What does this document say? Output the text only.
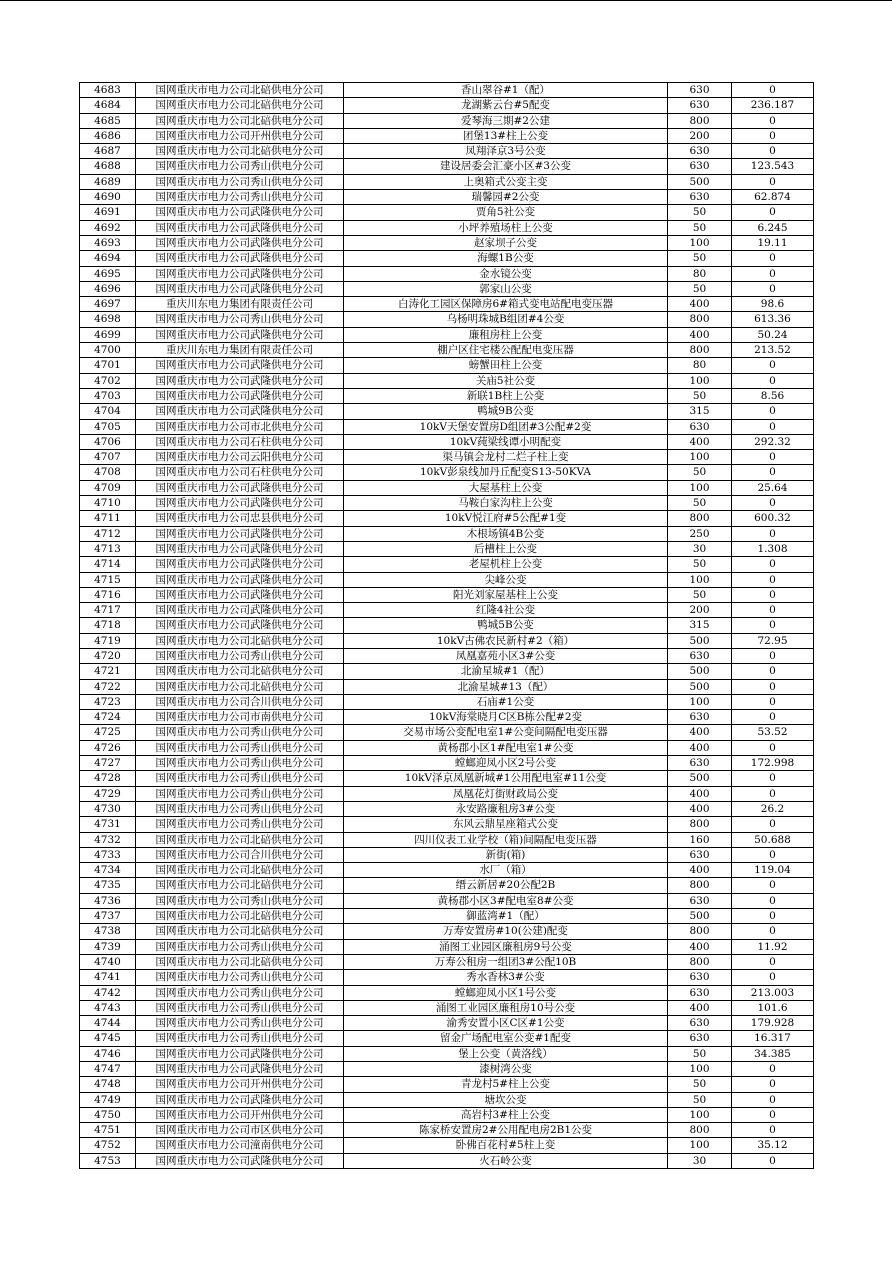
4683	国网重庆市电力公司北碚供电分公司	香山翠谷#1（配）	630	0
4684	国网重庆市电力公司北碚供电分公司	龙湖紫云台#5配变	630	236.187
4685	国网重庆市电力公司北碚供电分公司	爱琴海三期#2公建	800	0
4686	国网重庆市电力公司开州供电分公司	团堡13#柱上公变	200	0
4687	国网重庆市电力公司北碚供电分公司	凤翔泽京3号公变	630	0
4688	国网重庆市电力公司秀山供电分公司	建设居委会汇豪小区#3公变	630	123.543
4689	国网重庆市电力公司秀山供电分公司	上奥箱式公变主变	500	0
4690	国网重庆市电力公司秀山供电分公司	瑞馨园#2公变	630	62.874
4691	国网重庆市电力公司武隆供电分公司	贾角5社公变	50	0
4692	国网重庆市电力公司武隆供电分公司	小坪养殖场柱上公变	50	6.245
4693	国网重庆市电力公司武隆供电分公司	赵家坝子公变	100	19.11
4694	国网重庆市电力公司武隆供电分公司	海螺1B公变	50	0
4695	国网重庆市电力公司武隆供电分公司	金水镜公变	80	0
4696	国网重庆市电力公司武隆供电分公司	郭家山公变	50	0
4697	重庆川东电力集团有限责任公司	白涛化工园区保障房6#箱式变电站配电变压器	400	98.6
4698	国网重庆市电力公司秀山供电分公司	乌杨明珠城B组团#4公变	800	613.36
4699	国网重庆市电力公司武隆供电分公司	廉租房柱上公变	400	50.24
4700	重庆川东电力集团有限责任公司	棚户区住宅楼公配配电变压器	800	213.52
4701	国网重庆市电力公司武隆供电分公司	螃蟹田柱上公变	80	0
4702	国网重庆市电力公司武隆供电分公司	关庙5社公变	100	0
4703	国网重庆市电力公司武隆供电分公司	新联1B柱上公变	50	8.56
4704	国网重庆市电力公司武隆供电分公司	鸭城9B公变	315	0
4705	国网重庆市电力公司市北供电分公司	10kV天堡安置房D组团#3公配#2变	630	0
4706	国网重庆市电力公司石柱供电分公司	10kV莼梁线谭小明配变	400	292.32
4707	国网重庆市电力公司云阳供电分公司	渠马镇会龙村二烂子柱上变	100	0
4708	国网重庆市电力公司石柱供电分公司	10kV彭泉线加丹丘配变S13-50KVA	50	0
4709	国网重庆市电力公司武隆供电分公司	大屋基柱上公变	100	25.64
4710	国网重庆市电力公司武隆供电分公司	马鞍白家沟柱上公变	50	0
4711	国网重庆市电力公司忠县供电分公司	10kV悦江府#5公配#1变	800	600.32
4712	国网重庆市电力公司武隆供电分公司	木根场镇4B公变	250	0
4713	国网重庆市电力公司武隆供电分公司	后槽柱上公变	30	1.308
4714	国网重庆市电力公司武隆供电分公司	老屋机柱上公变	50	0
4715	国网重庆市电力公司武隆供电分公司	尖峰公变	100	0
4716	国网重庆市电力公司武隆供电分公司	阳光刘家屋基柱上公变	50	0
4717	国网重庆市电力公司武隆供电分公司	红隆4社公变	200	0
4718	国网重庆市电力公司武隆供电分公司	鸭城5B公变	315	0
4719	国网重庆市电力公司北碚供电分公司	10kV古佛农民新村#2（箱）	500	72.95
4720	国网重庆市电力公司秀山供电分公司	凤凰嘉苑小区3#公变	630	0
4721	国网重庆市电力公司北碚供电分公司	北渝星城#1（配）	500	0
4722	国网重庆市电力公司北碚供电分公司	北渝星城#13（配）	500	0
4723	国网重庆市电力公司合川供电分公司	石庙#1公变	100	0
4724	国网重庆市电力公司市南供电分公司	10kV海棠晓月C区B栋公配#2变	630	0
4725	国网重庆市电力公司秀山供电分公司	交易市场公变配电室1#公变间隔配电变压器	400	53.52
4726	国网重庆市电力公司秀山供电分公司	黄杨郡小区1#配电室1#公变	400	0
4727	国网重庆市电力公司秀山供电分公司	螳螂迎凤小区2号公变	630	172.998
4728	国网重庆市电力公司秀山供电分公司	10kV泽京凤凰新城#1公用配电室#11公变	500	0
4729	国网重庆市电力公司秀山供电分公司	凤凰花灯街财政局公变	400	0
4730	国网重庆市电力公司秀山供电分公司	永安路廉租房3#公变	400	26.2
4731	国网重庆市电力公司秀山供电分公司	东风云鼎星座箱式公变	800	0
4732	国网重庆市电力公司北碚供电分公司	四川仪表工业学校（箱)间隔配电变压器	160	50.688
4733	国网重庆市电力公司合川供电分公司	新街(箱)	630	0
4734	国网重庆市电力公司北碚供电分公司	水厂（箱）	400	119.04
4735	国网重庆市电力公司北碚供电分公司	缙云新居#20公配2B	800	0
4736	国网重庆市电力公司秀山供电分公司	黄杨郡小区3#配电室8#公变	630	0
4737	国网重庆市电力公司北碚供电分公司	御蓝湾#1（配）	500	0
4738	国网重庆市电力公司北碚供电分公司	万寿安置房#10(公建)配变	800	0
4739	国网重庆市电力公司秀山供电分公司	涌图工业园区廉租房9号公变	400	11.92
4740	国网重庆市电力公司北碚供电分公司	万寿公租房一组团3#公配10B	800	0
4741	国网重庆市电力公司秀山供电分公司	秀水香林3#公变	630	0
4742	国网重庆市电力公司秀山供电分公司	螳螂迎凤小区1号公变	630	213.003
4743	国网重庆市电力公司秀山供电分公司	涌图工业园区廉租房10号公变	400	101.6
4744	国网重庆市电力公司秀山供电分公司	渝秀安置小区C区#1公变	630	179.928
4745	国网重庆市电力公司秀山供电分公司	留金广场配电室公变#1配变	630	16.317
4746	国网重庆市电力公司武隆供电分公司	堡上公变（黄洛线）	50	34.385
4747	国网重庆市电力公司武隆供电分公司	漆树湾公变	100	0
4748	国网重庆市电力公司开州供电分公司	青龙村5#柱上公变	50	0
4749	国网重庆市电力公司武隆供电分公司	塘坎公变	50	0
4750	国网重庆市电力公司开州供电分公司	高岩村3#柱上公变	100	0
4751	国网重庆市电力公司市区供电分公司	陈家桥安置房2#公用配电房2B1公变	800	0
4752	国网重庆市电力公司潼南供电分公司	卧佛百花村#5柱上变	100	35.12
4753	国网重庆市电力公司武隆供电分公司	火石岭公变	30	0
